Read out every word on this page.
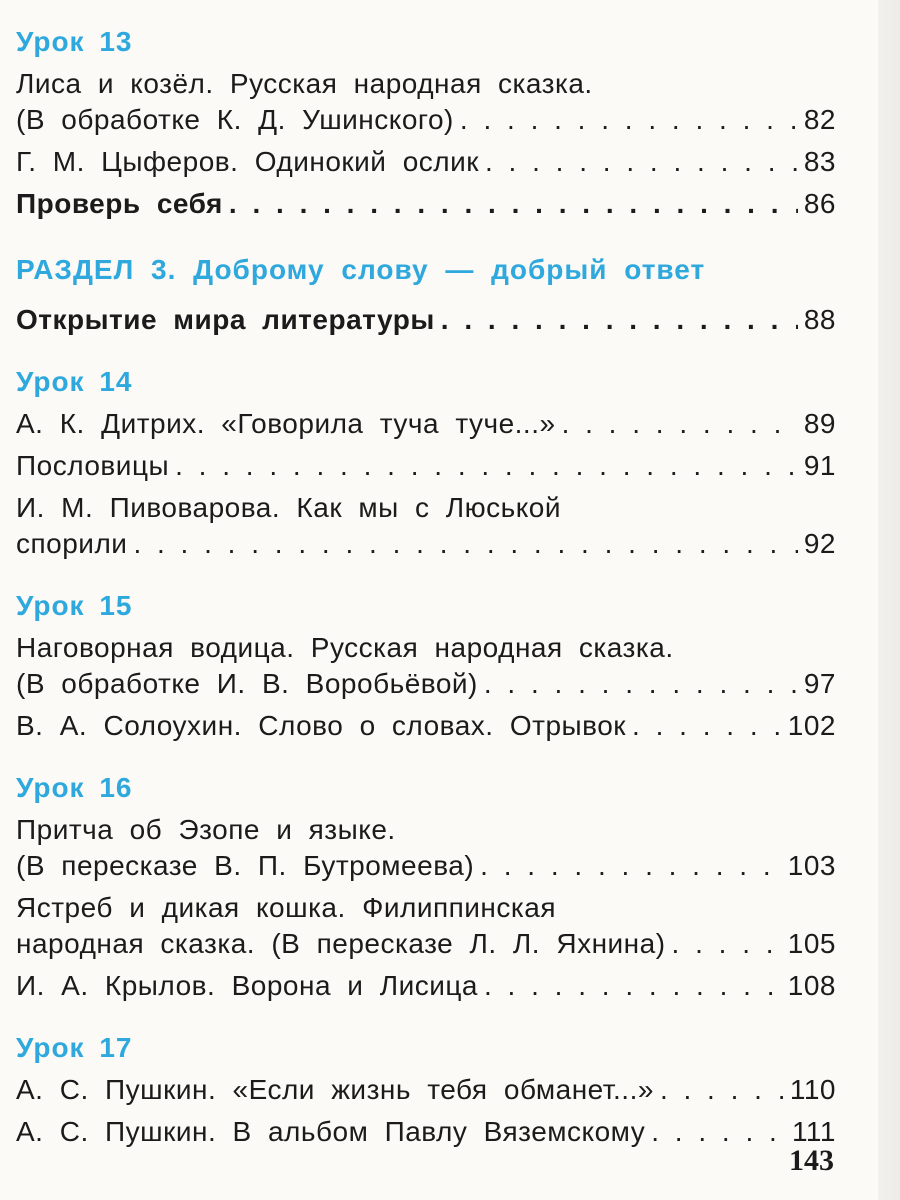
Урок 13
Лиса и козёл. Русская народная сказка.
(В обработке К. Д. Ушинского) . . .	82
Г. М. Цыферов. Одинокий ослик . . .	83
Проверь себя . . .	86
РАЗДЕЛ 3. Доброму слову — добрый ответ
Открытие мира литературы . . .	88
Урок 14
А. К. Дитрих. «Говорила туча туче...» . . .	89
Пословицы . . .	91
И. М. Пивоварова. Как мы с Люськой
спорили . . .	92
Урок 15
Наговорная водица. Русская народная сказка.
(В обработке И. В. Воробьёвой) . . .	97
В. А. Солоухин. Слово о словах. Отрывок . . .	102
Урок 16
Притча об Эзопе и языке.
(В пересказе В. П. Бутромеева) . . .	103
Ястреб и дикая кошка. Филиппинская
народная сказка. (В пересказе Л. Л. Яхнина) . . .	105
И. А. Крылов. Ворона и Лисица . . .	108
Урок 17
А. С. Пушкин. «Если жизнь тебя обманет...» . . .	110
А. С. Пушкин. В альбом Павлу Вяземскому . . .	111
143
